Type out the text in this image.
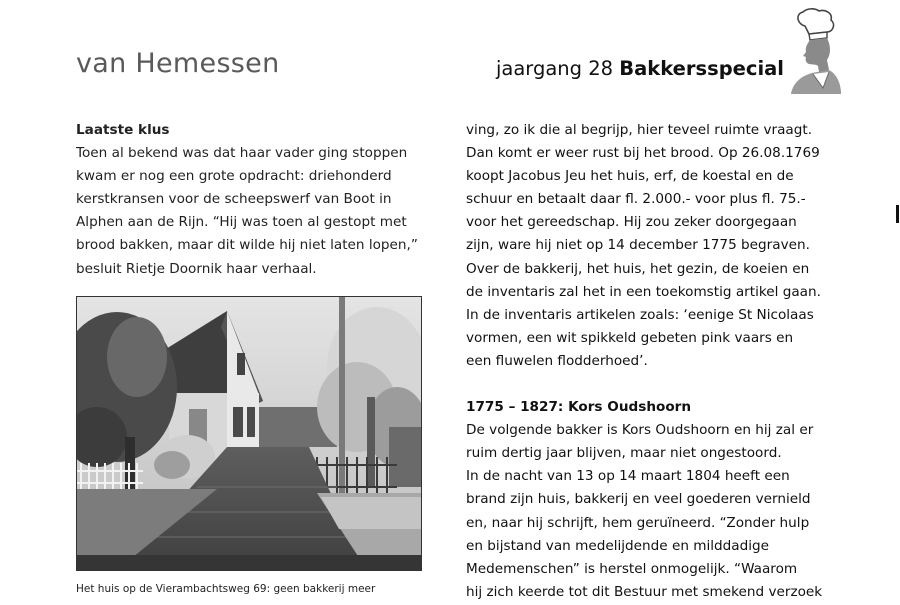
van Hemessen	jaargang 28 Bakkersspecial

Laatste klus

Toen al bekend was dat haar vader ging stoppen

kwam er nog een grote opdracht: driehonderd

kerstkransen voor de scheepswerf van Boot in

Alphen aan de Rijn. “Hij was toen al gestopt met

brood bakken, maar dit wilde hij niet laten lopen,”

besluit Rietje Doornik haar verhaal.

Het huis op de Vierambachtsweg 69: geen bakkerij meer

ving, zo ik die al begrijp, hier teveel ruimte vraagt.

Dan komt er weer rust bij het brood. Op 26.08.1769

koopt Jacobus Jeu het huis, erf, de koestal en de

schuur en betaalt daar fl. 2.000.- voor plus fl. 75.-

voor het gereedschap. Hij zou zeker doorgegaan

zijn, ware hij niet op 14 december 1775 begraven.

Over de bakkerij, het huis, het gezin, de koeien en

de inventaris zal het in een toekomstig artikel gaan.

In de inventaris artikelen zoals: ‘eenige St Nicolaas

vormen, een wit spikkeld gebeten pink vaars en

een fluwelen flodderhoed’.

1775 – 1827: Kors Oudshoorn

De volgende bakker is Kors Oudshoorn en hij zal er

ruim dertig jaar blijven, maar niet ongestoord.

In de nacht van 13 op 14 maart 1804 heeft een

brand zijn huis, bakkerij en veel goederen vernield

en, naar hij schrijft, hem geruïneerd. “Zonder hulp

en bijstand van medelijdende en milddadige

Medemenschen” is herstel onmogelijk. “Waarom

hij zich keerde tot dit Bestuur met smekend verzoek
